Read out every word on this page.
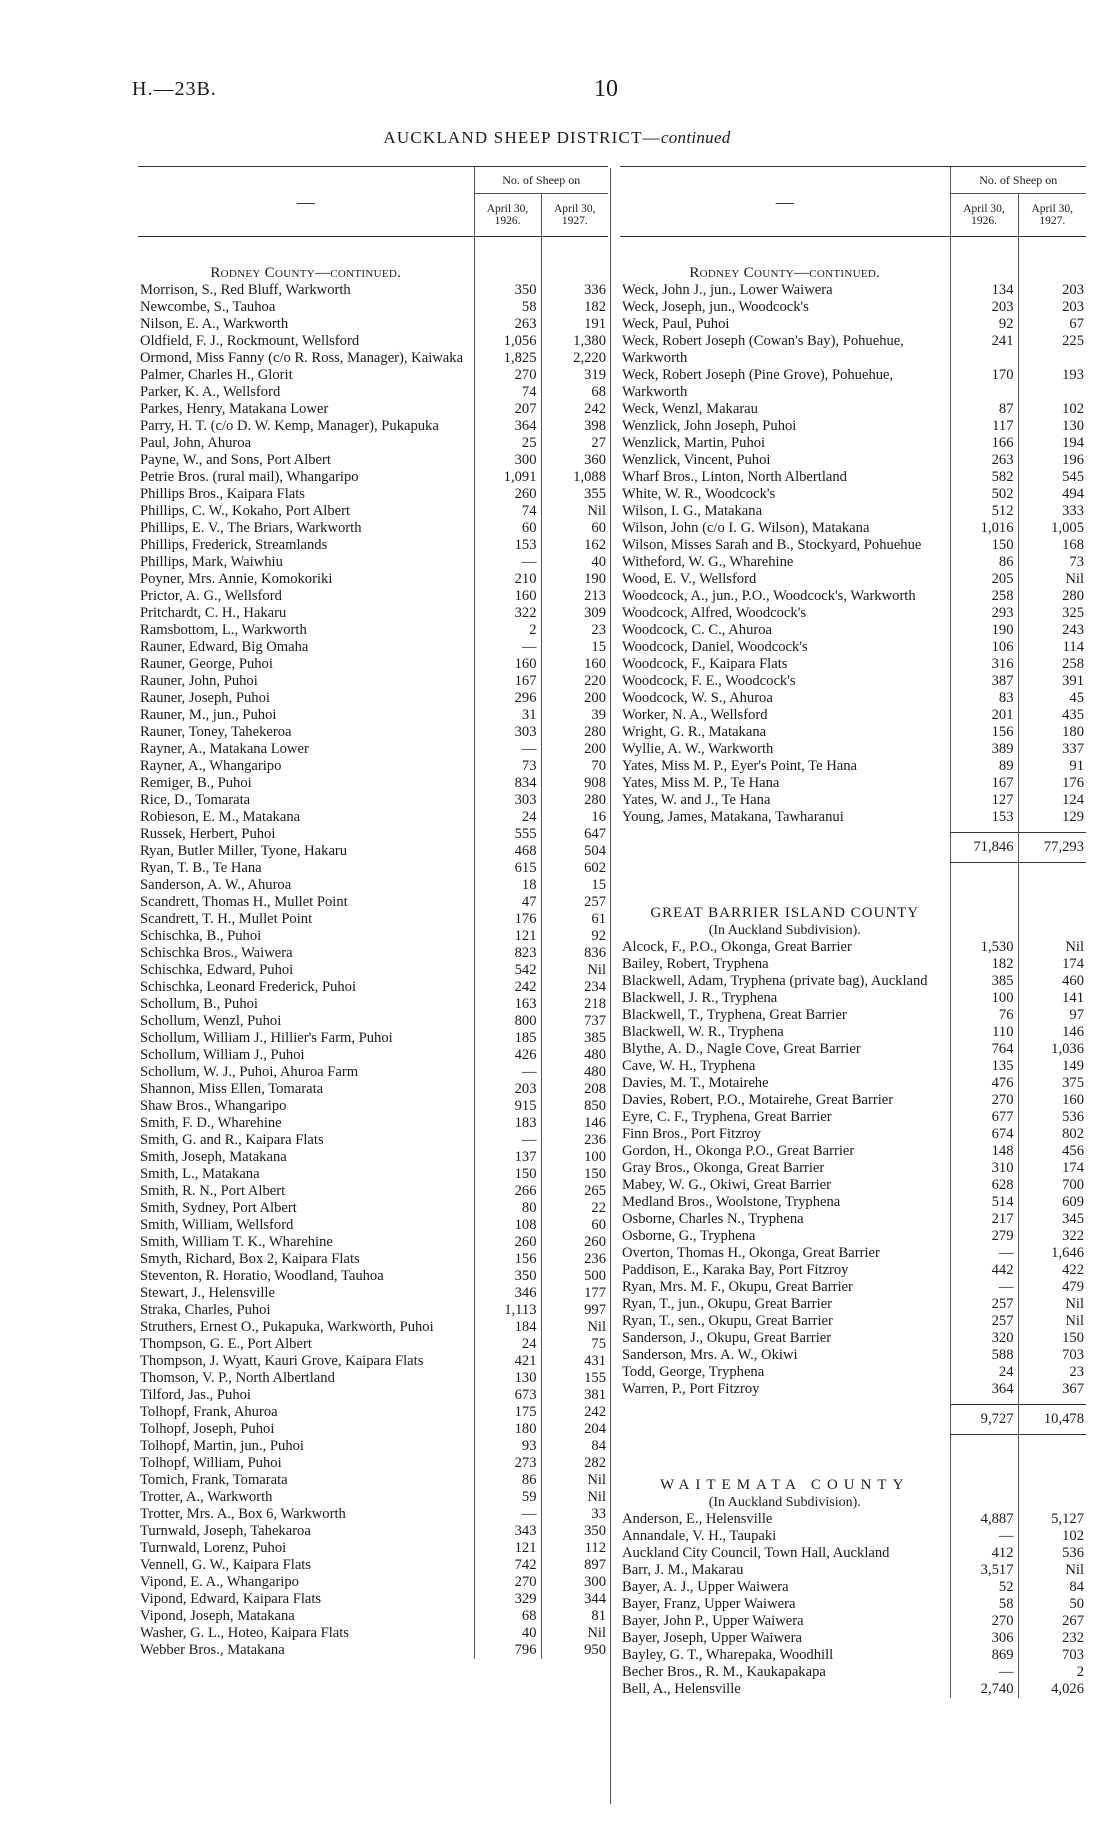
H.—23B.	10
AUCKLAND SHEEP DISTRICT—continued
—	No. of Sheep on	
	April 30, 1926.	April 30, 1927.

Rodney County—continued.		
Morrison, S., Red Bluff, Warkworth	350	336
Newcombe, S., Tauhoa	58	182
Nilson, E. A., Warkworth	263	191
Oldfield, F. J., Rockmount, Wellsford	1,056	1,380
Ormond, Miss Fanny (c/o R. Ross, Manager), Kaiwaka	1,825	2,220
Palmer, Charles H., Glorit	270	319
Parker, K. A., Wellsford	74	68
Parkes, Henry, Matakana Lower	207	242
Parry, H. T. (c/o D. W. Kemp, Manager), Pukapuka	364	398
Paul, John, Ahuroa	25	27
Payne, W., and Sons, Port Albert	300	360
Petrie Bros. (rural mail), Whangaripo	1,091	1,088
Phillips Bros., Kaipara Flats	260	355
Phillips, C. W., Kokaho, Port Albert	74	Nil
Phillips, E. V., The Briars, Warkworth	60	60
Phillips, Frederick, Streamlands	153	162
Phillips, Mark, Waiwhiu	—	40
Poyner, Mrs. Annie, Komokoriki	210	190
Prictor, A. G., Wellsford	160	213
Pritchardt, C. H., Hakaru	322	309
Ramsbottom, L., Warkworth	2	23
Rauner, Edward, Big Omaha	—	15
Rauner, George, Puhoi	160	160
Rauner, John, Puhoi	167	220
Rauner, Joseph, Puhoi	296	200
Rauner, M., jun., Puhoi	31	39
Rauner, Toney, Tahekeroa	303	280
Rayner, A., Matakana Lower	—	200
Rayner, A., Whangaripo	73	70
Remiger, B., Puhoi	834	908
Rice, D., Tomarata	303	280
Robieson, E. M., Matakana	24	16
Russek, Herbert, Puhoi	555	647
Ryan, Butler Miller, Tyone, Hakaru	468	504
Ryan, T. B., Te Hana	615	602
Sanderson, A. W., Ahuroa	18	15
Scandrett, Thomas H., Mullet Point	47	257
Scandrett, T. H., Mullet Point	176	61
Schischka, B., Puhoi	121	92
Schischka Bros., Waiwera	823	836
Schischka, Edward, Puhoi	542	Nil
Schischka, Leonard Frederick, Puhoi	242	234
Schollum, B., Puhoi	163	218
Schollum, Wenzl, Puhoi	800	737
Schollum, William J., Hillier's Farm, Puhoi	185	385
Schollum, William J., Puhoi	426	480
Schollum, W. J., Puhoi, Ahuroa Farm	—	480
Shannon, Miss Ellen, Tomarata	203	208
Shaw Bros., Whangaripo	915	850
Smith, F. D., Wharehine	183	146
Smith, G. and R., Kaipara Flats	—	236
Smith, Joseph, Matakana	137	100
Smith, L., Matakana	150	150
Smith, R. N., Port Albert	266	265
Smith, Sydney, Port Albert	80	22
Smith, William, Wellsford	108	60
Smith, William T. K., Wharehine	260	260
Smyth, Richard, Box 2, Kaipara Flats	156	236
Steventon, R. Horatio, Woodland, Tauhoa	350	500
Stewart, J., Helensville	346	177
Straka, Charles, Puhoi	1,113	997
Struthers, Ernest O., Pukapuka, Warkworth, Puhoi	184	Nil
Thompson, G. E., Port Albert	24	75
Thompson, J. Wyatt, Kauri Grove, Kaipara Flats	421	431
Thomson, V. P., North Albertland	130	155
Tilford, Jas., Puhoi	673	381
Tolhopf, Frank, Ahuroa	175	242
Tolhopf, Joseph, Puhoi	180	204
Tolhopf, Martin, jun., Puhoi	93	84
Tolhopf, William, Puhoi	273	282
Tomich, Frank, Tomarata	86	Nil
Trotter, A., Warkworth	59	Nil
Trotter, Mrs. A., Box 6, Warkworth	—	33
Turnwald, Joseph, Tahekaroa	343	350
Turnwald, Lorenz, Puhoi	121	112
Vennell, G. W., Kaipara Flats	742	897
Vipond, E. A., Whangaripo	270	300
Vipond, Edward, Kaipara Flats	329	344
Vipond, Joseph, Matakana	68	81
Washer, G. L., Hoteo, Kaipara Flats	40	Nil
Webber Bros., Matakana	796	950
—	No. of Sheep on	
	April 30, 1926.	April 30, 1927.

Rodney County—continued.		
Weck, John J., jun., Lower Waiwera	134	203
Weck, Joseph, jun., Woodcock's	203	203
Weck, Paul, Puhoi	92	67
Weck, Robert Joseph (Cowan's Bay), Pohuehue, Warkworth	241	225
Weck, Robert Joseph (Pine Grove), Pohuehue, Warkworth	170	193
Weck, Wenzl, Makarau	87	102
Wenzlick, John Joseph, Puhoi	117	130
Wenzlick, Martin, Puhoi	166	194
Wenzlick, Vincent, Puhoi	263	196
Wharf Bros., Linton, North Albertland	582	545
White, W. R., Woodcock's	502	494
Wilson, I. G., Matakana	512	333
Wilson, John (c/o I. G. Wilson), Matakana	1,016	1,005
Wilson, Misses Sarah and B., Stockyard, Pohuehue	150	168
Witheford, W. G., Wharehine	86	73
Wood, E. V., Wellsford	205	Nil
Woodcock, A., jun., P.O., Woodcock's, Warkworth	258	280
Woodcock, Alfred, Woodcock's	293	325
Woodcock, C. C., Ahuroa	190	243
Woodcock, Daniel, Woodcock's	106	114
Woodcock, F., Kaipara Flats	316	258
Woodcock, F. E., Woodcock's	387	391
Woodcock, W. S., Ahuroa	83	45
Worker, N. A., Wellsford	201	435
Wright, G. R., Matakana	156	180
Wyllie, A. W., Warkworth	389	337
Yates, Miss M. P., Eyer's Point, Te Hana	89	91
Yates, Miss M. P., Te Hana	167	176
Yates, W. and J., Te Hana	127	124
Young, James, Matakana, Tawharanui	153	129

	71,846	77,293

GREAT BARRIER ISLAND COUNTY		
(In Auckland Subdivision).		
Alcock, F., P.O., Okonga, Great Barrier	1,530	Nil
Bailey, Robert, Tryphena	182	174
Blackwell, Adam, Tryphena (private bag), Auckland	385	460
Blackwell, J. R., Tryphena	100	141
Blackwell, T., Tryphena, Great Barrier	76	97
Blackwell, W. R., Tryphena	110	146
Blythe, A. D., Nagle Cove, Great Barrier	764	1,036
Cave, W. H., Tryphena	135	149
Davies, M. T., Motairehe	476	375
Davies, Robert, P.O., Motairehe, Great Barrier	270	160
Eyre, C. F., Tryphena, Great Barrier	677	536
Finn Bros., Port Fitzroy	674	802
Gordon, H., Okonga P.O., Great Barrier	148	456
Gray Bros., Okonga, Great Barrier	310	174
Mabey, W. G., Okiwi, Great Barrier	628	700
Medland Bros., Woolstone, Tryphena	514	609
Osborne, Charles N., Tryphena	217	345
Osborne, G., Tryphena	279	322
Overton, Thomas H., Okonga, Great Barrier	—	1,646
Paddison, E., Karaka Bay, Port Fitzroy	442	422
Ryan, Mrs. M. F., Okupu, Great Barrier	—	479
Ryan, T., jun., Okupu, Great Barrier	257	Nil
Ryan, T., sen., Okupu, Great Barrier	257	Nil
Sanderson, J., Okupu, Great Barrier	320	150
Sanderson, Mrs. A. W., Okiwi	588	703
Todd, George, Tryphena	24	23
Warren, P., Port Fitzroy	364	367

	9,727	10,478

WAITEMATA COUNTY		
(In Auckland Subdivision).		
Anderson, E., Helensville	4,887	5,127
Annandale, V. H., Taupaki	—	102
Auckland City Council, Town Hall, Auckland	412	536
Barr, J. M., Makarau	3,517	Nil
Bayer, A. J., Upper Waiwera	52	84
Bayer, Franz, Upper Waiwera	58	50
Bayer, John P., Upper Waiwera	270	267
Bayer, Joseph, Upper Waiwera	306	232
Bayley, G. T., Wharepaka, Woodhill	869	703
Becher Bros., R. M., Kaukapakapa	—	2
Bell, A., Helensville	2,740	4,026
